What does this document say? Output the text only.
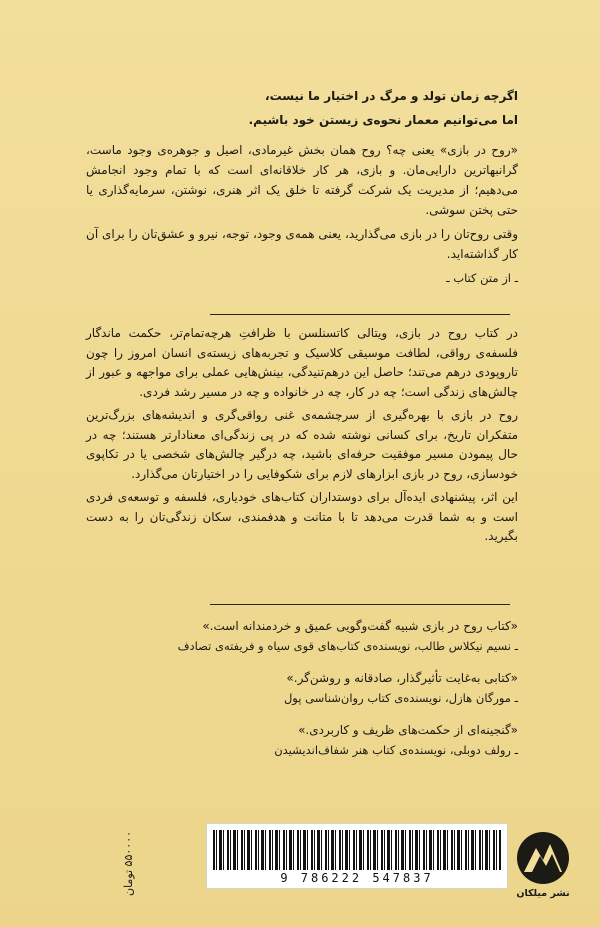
اگرچه زمان تولد و مرگ در اختیار ما نیست،
اما می‌توانیم معمار نحوه‌ی زیستن خود باشیم.

«روح در بازی» یعنی چه؟ روح همان بخش غیرمادی، اصیل و جوهره‌ی وجود ماست، گرانبهاترین دارایی‌مان. و بازی، هر کار خلاقانه‌ای است که با تمام وجود انجامش می‌دهیم؛ از مدیریت یک شرکت گرفته تا خلق یک اثر هنری، نوشتن، سرمایه‌گذاری یا حتی پختن سوشی.

وقتی روح‌تان را در بازی می‌گذارید، یعنی همه‌ی وجود، توجه، نیرو و عشق‌تان را برای آن کار گذاشته‌اید.

ـ از متن کتاب ـ

در کتاب روح در بازی، ویتالی کاتسنلسن با ظرافتِ هرچه‌تمام‌تر، حکمت ماندگار فلسفه‌ی رواقی، لطافت موسیقی کلاسیک و تجربه‌های زیسته‌ی انسان امروز را چون تاروپودی درهم می‌تند؛ حاصل این درهم‌تنیدگی، بینش‌هایی عملی برای مواجهه و عبور از چالش‌های زندگی است؛ چه در کار، چه در خانواده و چه در مسیر رشد فردی.

روح در بازی با بهره‌گیری از سرچشمه‌ی غنی رواقی‌گری و اندیشه‌های بزرگ‌ترین متفکران تاریخ، برای کسانی نوشته شده که در پی زندگی‌ای معنادارتر هستند؛ چه در حال پیمودن مسیر موفقیت حرفه‌ای باشید، چه درگیر چالش‌های شخصی یا در تکاپوی خودسازی، روح در بازی ابزارهای لازم برای شکوفایی را در اختیارتان می‌گذارد.

این اثر، پیشنهادی ایده‌آل برای دوستداران کتاب‌های خودیاری، فلسفه و توسعه‌ی فردی است و به شما قدرت می‌دهد تا با متانت و هدفمندی، سکان زندگی‌تان را به دست بگیرید.

«کتاب روح در بازی شبیه گفت‌وگویی عمیق و خردمندانه است.»
ـ نسیم نیکلاس طالب، نویسنده‌ی کتاب‌های قوی سیاه و فریفته‌ی تصادف
«کتابی به‌غایت تأثیرگذار، صادقانه و روشن‌گر.»
ـ مورگان هازل، نویسنده‌ی کتاب روان‌شناسی پول
«گنجینه‌ای از حکمت‌های ظریف و کاربردی.»
ـ رولف دوبلی، نویسنده‌ی کتاب هنر شفاف‌اندیشیدن
۵۵۰۰۰۰ تومان
9 786222 547837
نشر میلکان
